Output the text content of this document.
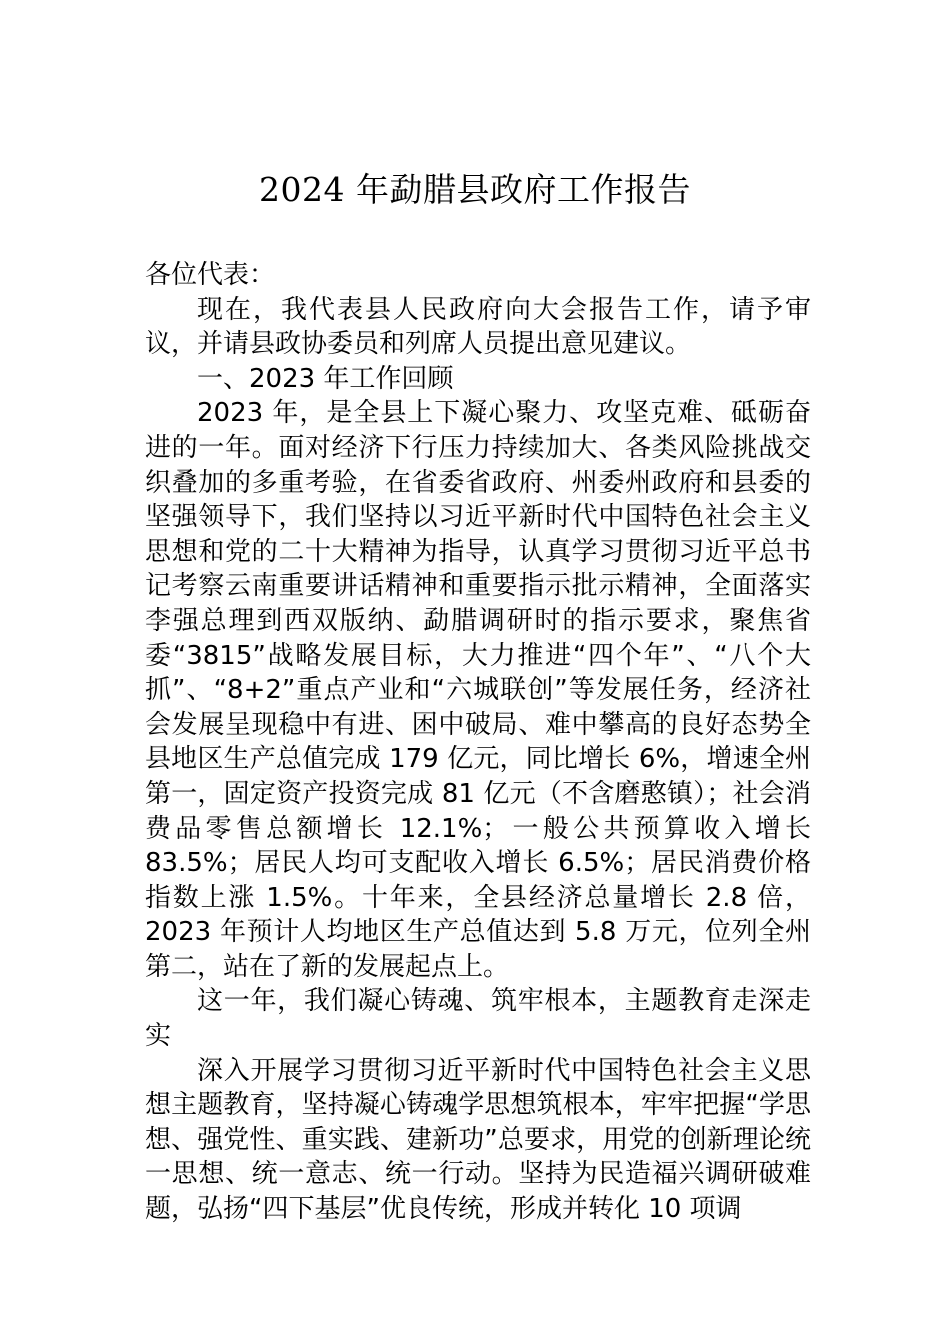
2024 年勐腊县政府工作报告

各位代表：

现在，我代表县人民政府向大会报告工作，请予审议，并请县政协委员和列席人员提出意见建议。

一、2023 年工作回顾

2023 年，是全县上下凝心聚力、攻坚克难、砥砺奋进的一年。面对经济下行压力持续加大、各类风险挑战交织叠加的多重考验，在省委省政府、州委州政府和县委的坚强领导下，我们坚持以习近平新时代中国特色社会主义思想和党的二十大精神为指导，认真学习贯彻习近平总书记考察云南重要讲话精神和重要指示批示精神，全面落实李强总理到西双版纳、勐腊调研时的指示要求，聚焦省委“3815”战略发展目标，大力推进“四个年”、“八个大抓”、“8+2”重点产业和“六城联创”等发展任务，经济社会发展呈现稳中有进、困中破局、难中攀高的良好态势全县地区生产总值完成 179 亿元，同比增长 6%，增速全州第一，固定资产投资完成 81 亿元（不含磨憨镇）；社会消费品零售总额增长 12.1%；一般公共预算收入增长 83.5%；居民人均可支配收入增长 6.5%；居民消费价格指数上涨 1.5%。十年来，全县经济总量增长 2.8 倍，2023 年预计人均地区生产总值达到 5.8 万元，位列全州第二，站在了新的发展起点上。

这一年，我们凝心铸魂、筑牢根本，主题教育走深走实

深入开展学习贯彻习近平新时代中国特色社会主义思想主题教育，坚持凝心铸魂学思想筑根本，牢牢把握“学思想、强党性、重实践、建新功”总要求，用党的创新理论统一思想、统一意志、统一行动。坚持为民造福兴调研破难题，弘扬“四下基层”优良传统，形成并转化 10 项调
